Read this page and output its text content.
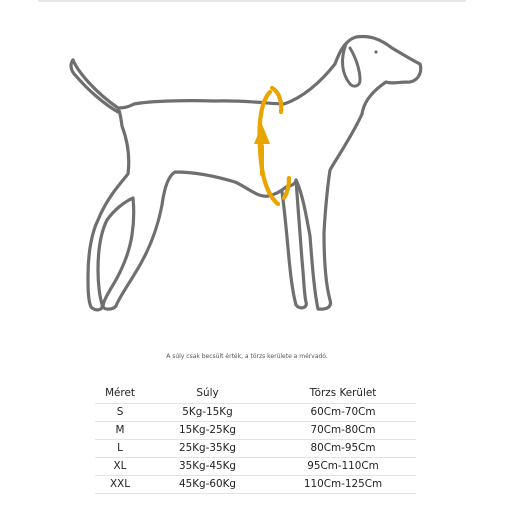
A súly csak becsült érték, a törzs kerülete a mérvadó.
Méret	Súly	Törzs Kerület
S	5Kg-15Kg	60Cm-70Cm
M	15Kg-25Kg	70Cm-80Cm
L	25Kg-35Kg	80Cm-95Cm
XL	35Kg-45Kg	95Cm-110Cm
XXL	45Kg-60Kg	110Cm-125Cm
